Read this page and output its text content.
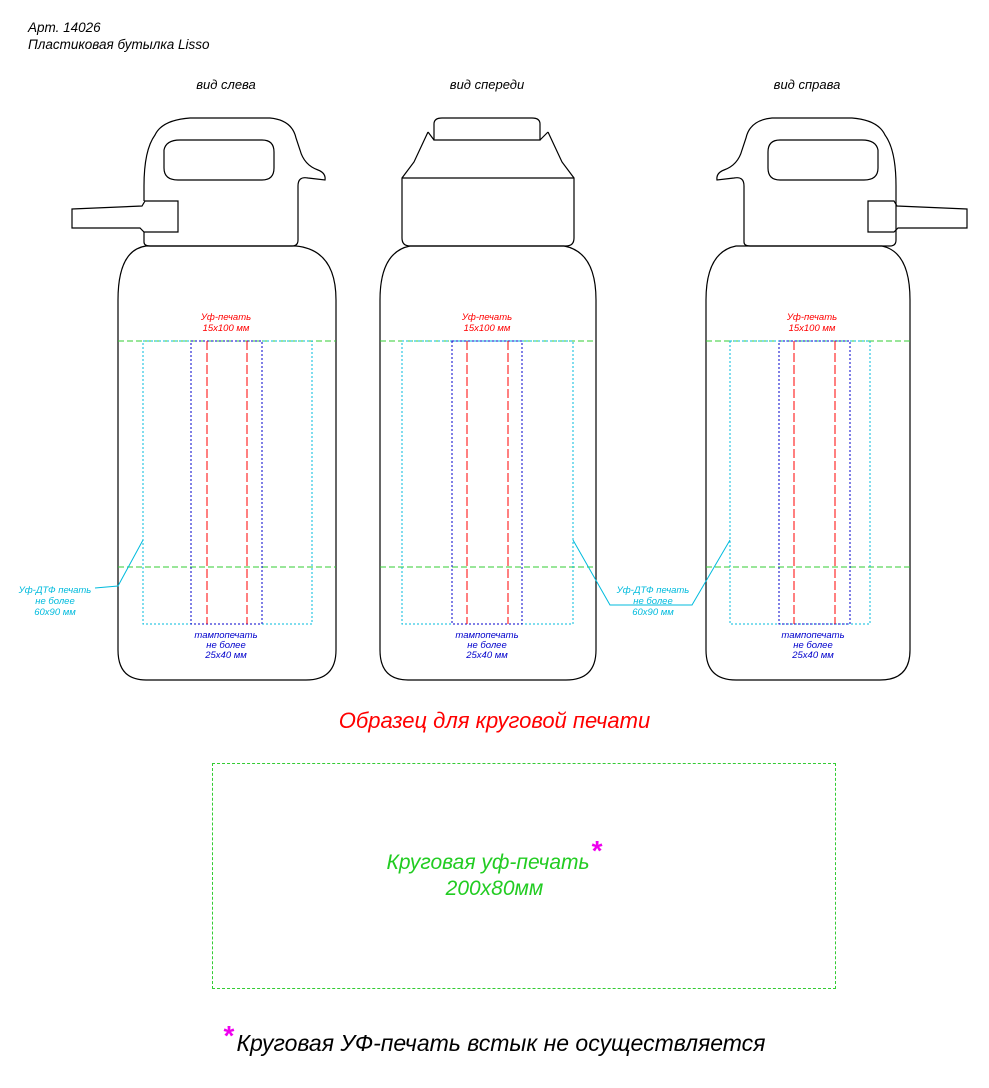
Арт. 14026
Пластиковая бутылка Lisso
вид слева	вид спереди	вид справа
Уф-печать 15x100 мм
Уф-печать 15x100 мм
Уф-печать 15x100 мм
тампопечать не более 25x40 мм
тампопечать не более 25x40 мм
тампопечать не более 25x40 мм
Уф-ДТФ печать не более 60x90 мм
Уф-ДТФ печать не более 60x90 мм
Образец для круговой печати
Круговая уф-печать*
200x80мм
*Круговая УФ-печать встык не осуществляется
